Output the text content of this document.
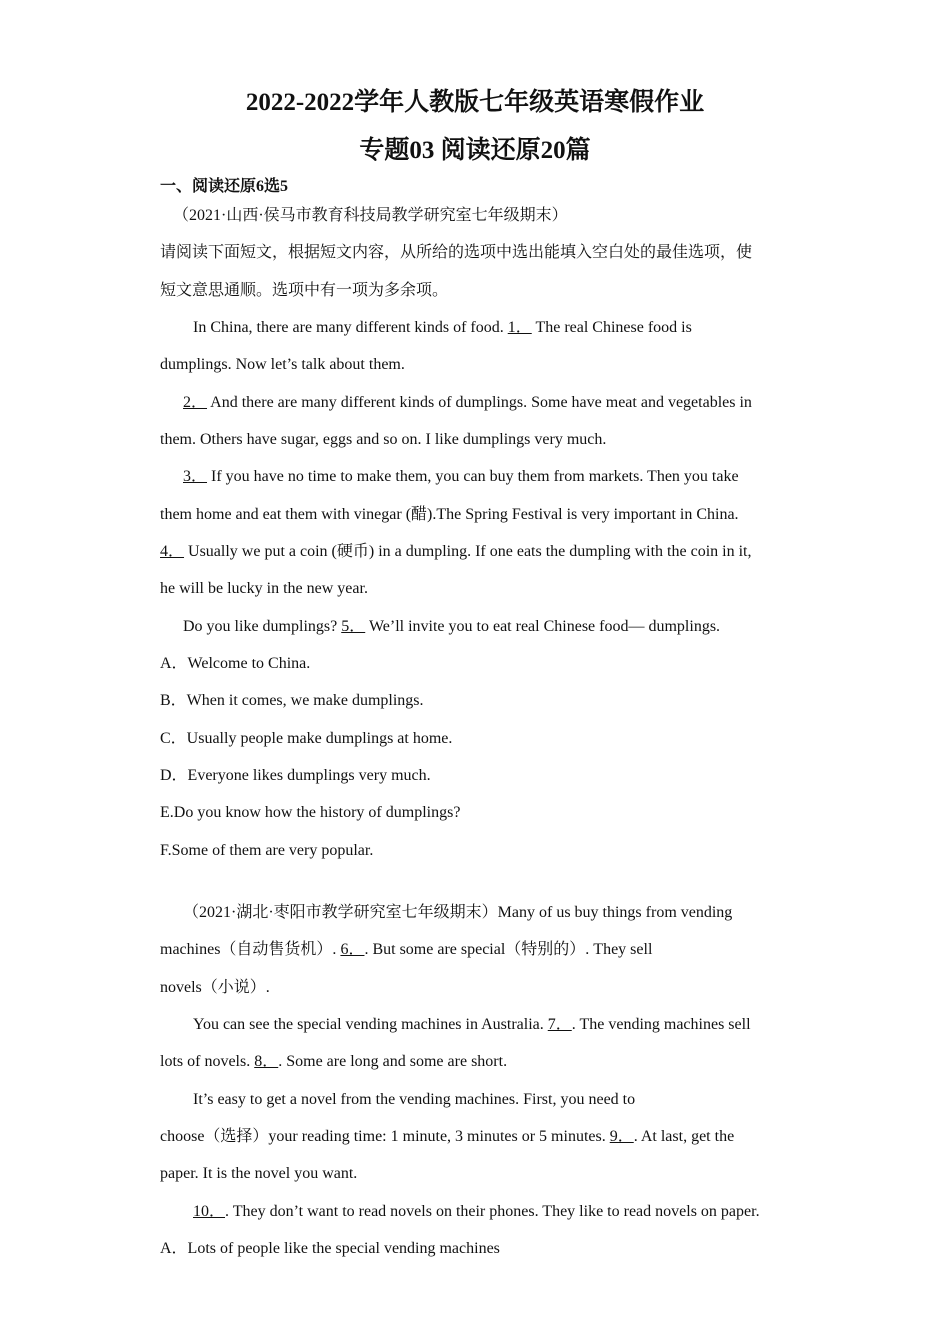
2022-2022学年人教版七年级英语寒假作业
专题03 阅读还原20篇
一、阅读还原6选5
（2021·山西·侯马市教育科技局教学研究室七年级期末）
请阅读下面短文，根据短文内容，从所给的选项中选出能填入空白处的最佳选项，使
短文意思通顺。选项中有一项为多余项。
In China, there are many different kinds of food. 1． The real Chinese food is
dumplings. Now let’s talk about them.
2． And there are many different kinds of dumplings. Some have meat and vegetables in
them. Others have sugar, eggs and so on. I like dumplings very much.
3． If you have no time to make them, you can buy them from markets. Then you take
them home and eat them with vinegar (醋).The Spring Festival is very important in China.
4． Usually we put a coin (硬币) in a dumpling. If one eats the dumpling with the coin in it,
he will be lucky in the new year.
Do you like dumplings? 5． We’ll invite you to eat real Chinese food— dumplings.
A．Welcome to China.
B．When it comes, we make dumplings.
C．Usually people make dumplings at home.
D．Everyone likes dumplings very much.
E.Do you know how the history of dumplings?
F.Some of them are very popular.
（2021·湖北·枣阳市教学研究室七年级期末）Many of us buy things from vending
machines（自动售货机）. 6．. But some are special（特别的）. They sell
novels（小说）.
You can see the special vending machines in Australia. 7．. The vending machines sell
lots of novels. 8．. Some are long and some are short.
It’s easy to get a novel from the vending machines. First, you need to
choose（选择）your reading time: 1 minute, 3 minutes or 5 minutes. 9．. At last, get the
paper. It is the novel you want.
10．. They don’t want to read novels on their phones. They like to read novels on paper.
A．Lots of people like the special vending machines
